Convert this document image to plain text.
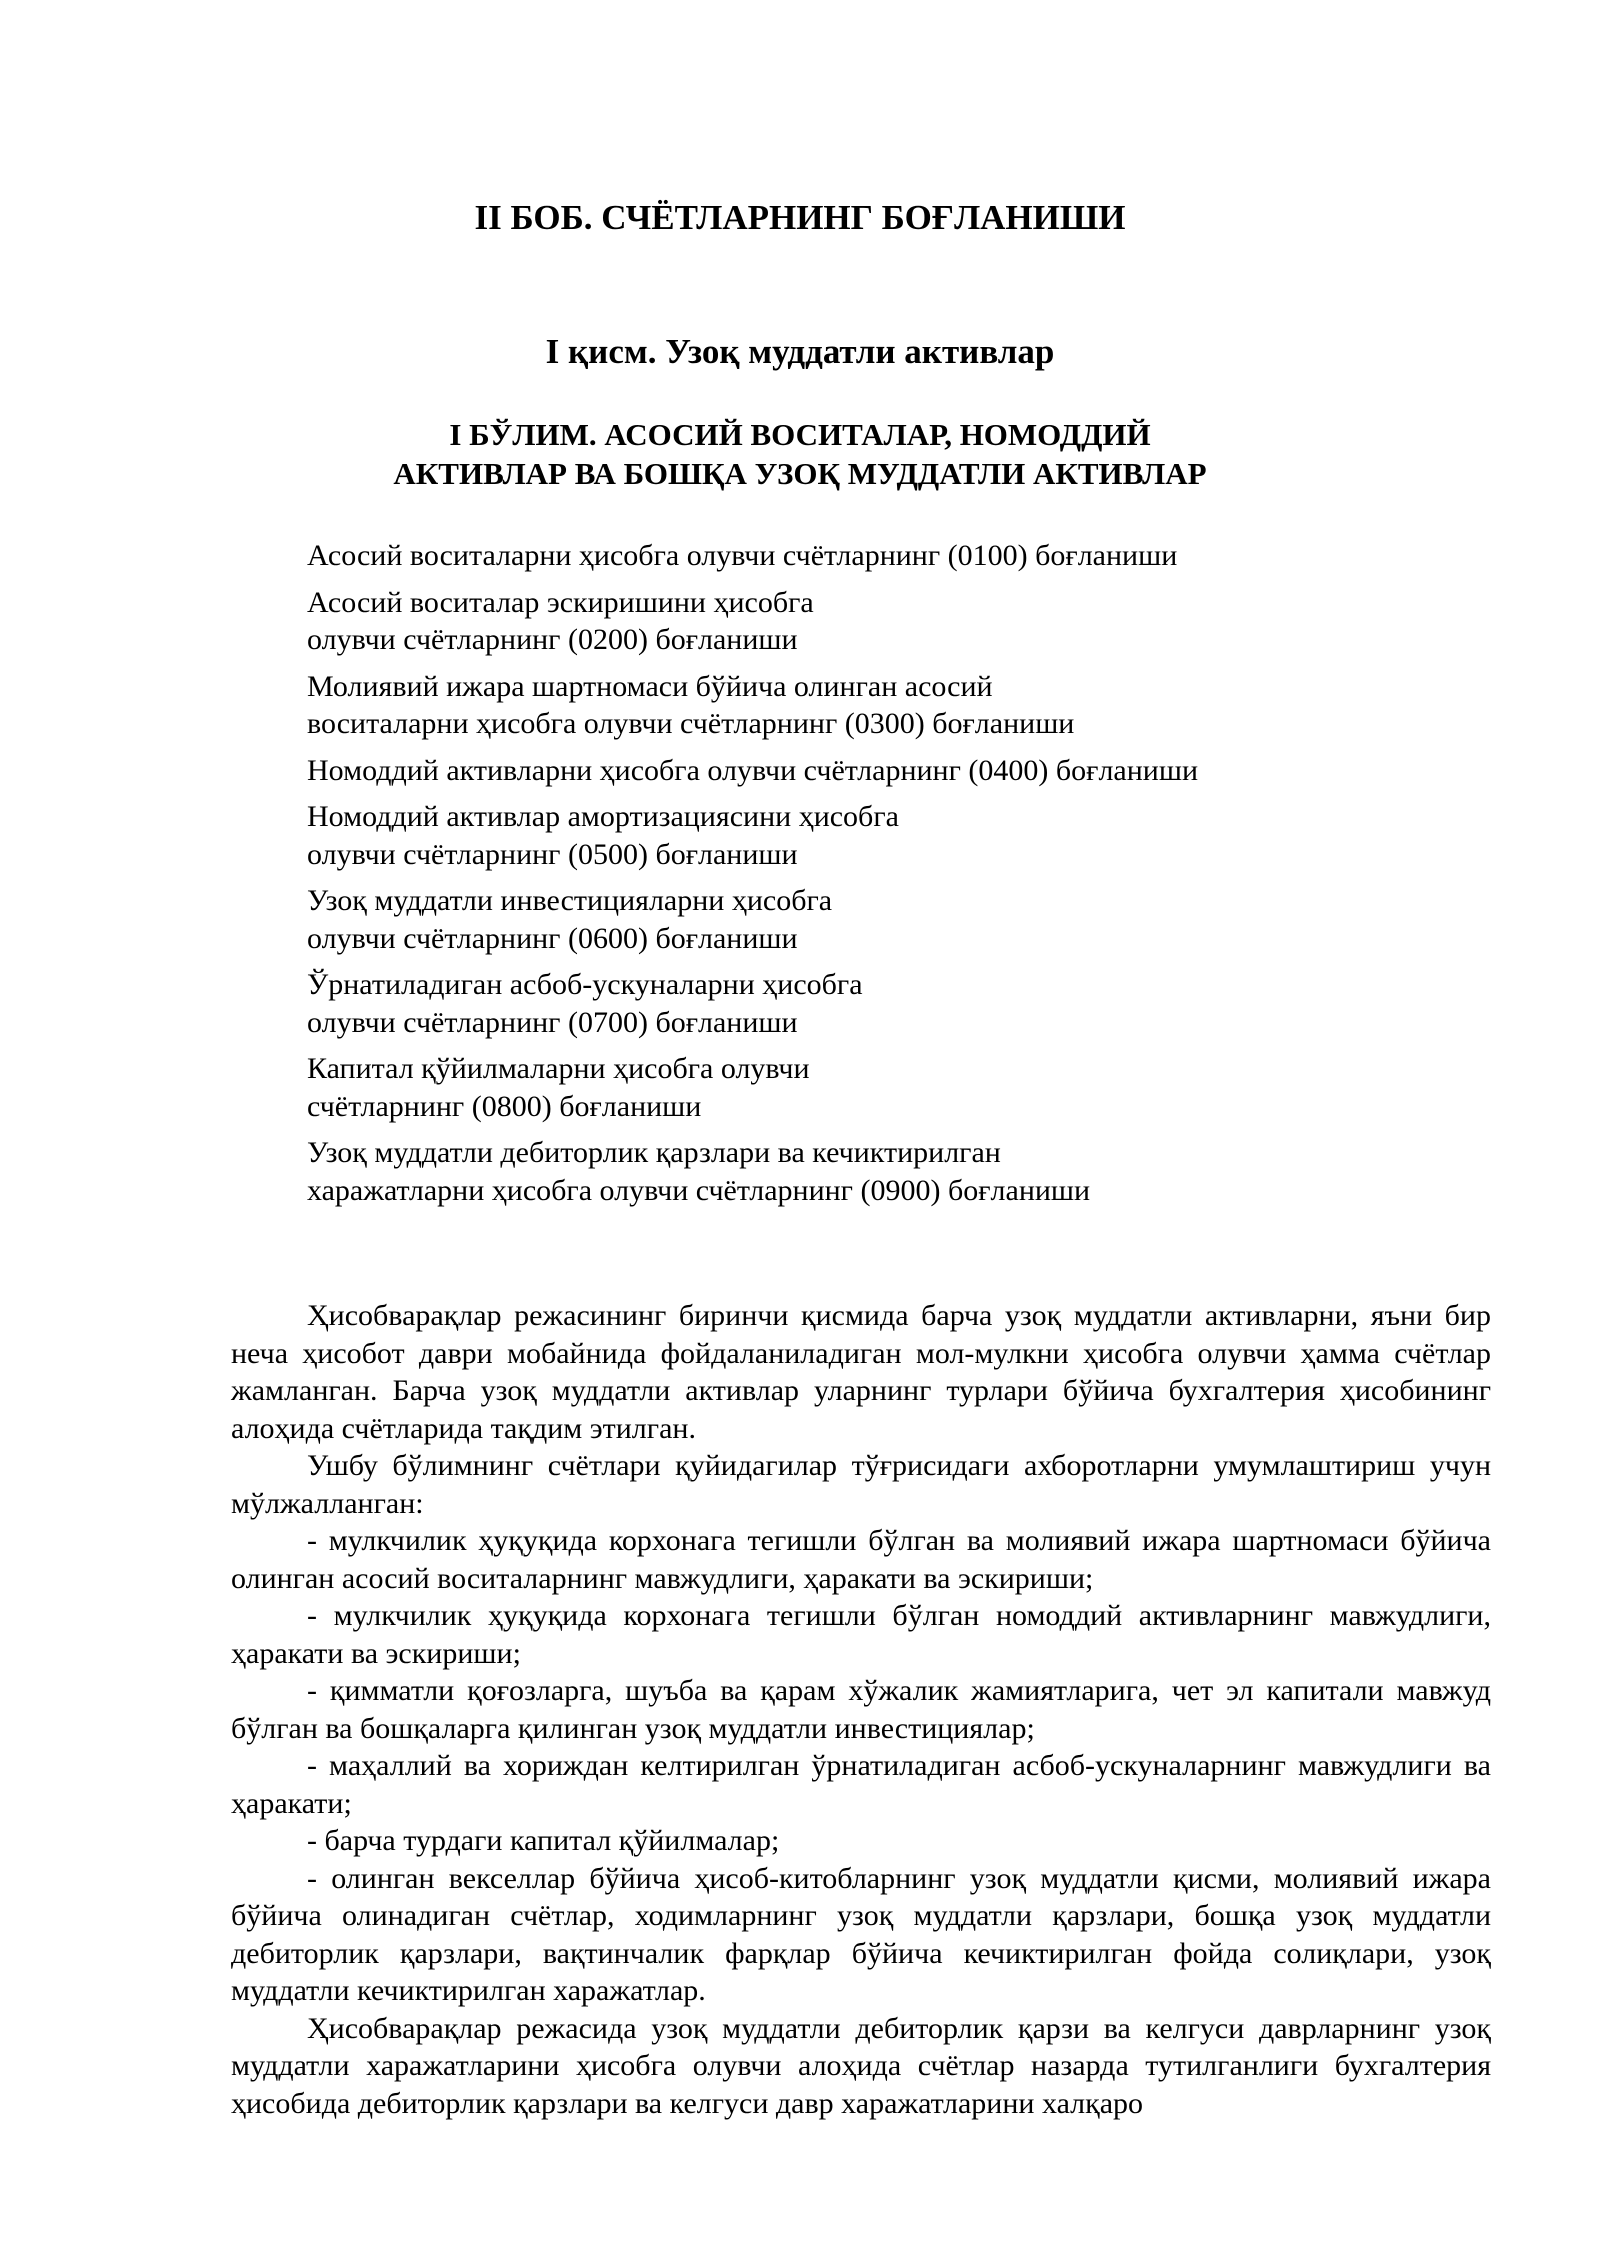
II БОБ. СЧЁТЛАРНИНГ БОҒЛАНИШИ
I қисм. Узоқ муддатли активлар
I БЎЛИМ. АСОСИЙ ВОСИТАЛАР, НОМОДДИЙ
АКТИВЛАР ВА БОШҚА УЗОҚ МУДДАТЛИ АКТИВЛАР
Асосий воситаларни ҳисобга олувчи счётларнинг (0100) боғланиши
Асосий воситалар эскиришини ҳисобга
олувчи счётларнинг (0200) боғланиши
Молиявий ижара шартномаси бўйича олинган асосий
воситаларни ҳисобга олувчи счётларнинг (0300) боғланиши
Номоддий активларни ҳисобга олувчи счётларнинг (0400) боғланиши
Номоддий активлар амортизациясини ҳисобга
олувчи счётларнинг (0500) боғланиши
Узоқ муддатли инвестицияларни ҳисобга
олувчи счётларнинг (0600) боғланиши
Ўрнатиладиган асбоб-ускуналарни ҳисобга
олувчи счётларнинг (0700) боғланиши
Капитал қўйилмаларни ҳисобга олувчи
счётларнинг (0800) боғланиши
Узоқ муддатли дебиторлик қарзлари ва кечиктирилган
харажатларни ҳисобга олувчи счётларнинг (0900) боғланиши

Ҳисобварақлар режасининг биринчи қисмида барча узоқ муддатли активларни, яъни бир неча ҳисобот даври мобайнида фойдаланиладиган мол-мулкни ҳисобга олувчи ҳамма счётлар жамланган. Барча узоқ муддатли активлар уларнинг турлари бўйича бухгалтерия ҳисобининг алоҳида счётларида тақдим этилган.

Ушбу бўлимнинг счётлари қуйидагилар тўғрисидаги ахборотларни умумлаштириш учун мўлжалланган:

- мулкчилик ҳуқуқида корхонага тегишли бўлган ва молиявий ижара шартномаси бўйича олинган асосий воситаларнинг мавжудлиги, ҳаракати ва эскириши;

- мулкчилик ҳуқуқида корхонага тегишли бўлган номоддий активларнинг мавжудлиги, ҳаракати ва эскириши;

- қимматли қоғозларга, шуъба ва қарам хўжалик жамиятларига, чет эл капитали мавжуд бўлган ва бошқаларга қилинган узоқ муддатли инвестициялар;

- маҳаллий ва хориждан келтирилган ўрнатиладиган асбоб-ускуналарнинг мавжудлиги ва ҳаракати;

- барча турдаги капитал қўйилмалар;

- олинган векселлар бўйича ҳисоб-китобларнинг узоқ муддатли қисми, молиявий ижара бўйича олинадиган счётлар, ходимларнинг узоқ муддатли қарзлари, бошқа узоқ муддатли дебиторлик қарзлари, вақтинчалик фарқлар бўйича кечиктирилган фойда солиқлари, узоқ муддатли кечиктирилган харажатлар.

Ҳисобварақлар режасида узоқ муддатли дебиторлик қарзи ва келгуси даврларнинг узоқ муддатли харажатларини ҳисобга олувчи алоҳида счётлар назарда тутилганлиги бухгалтерия ҳисобида дебиторлик қарзлари ва келгуси давр харажатларини халқаро
